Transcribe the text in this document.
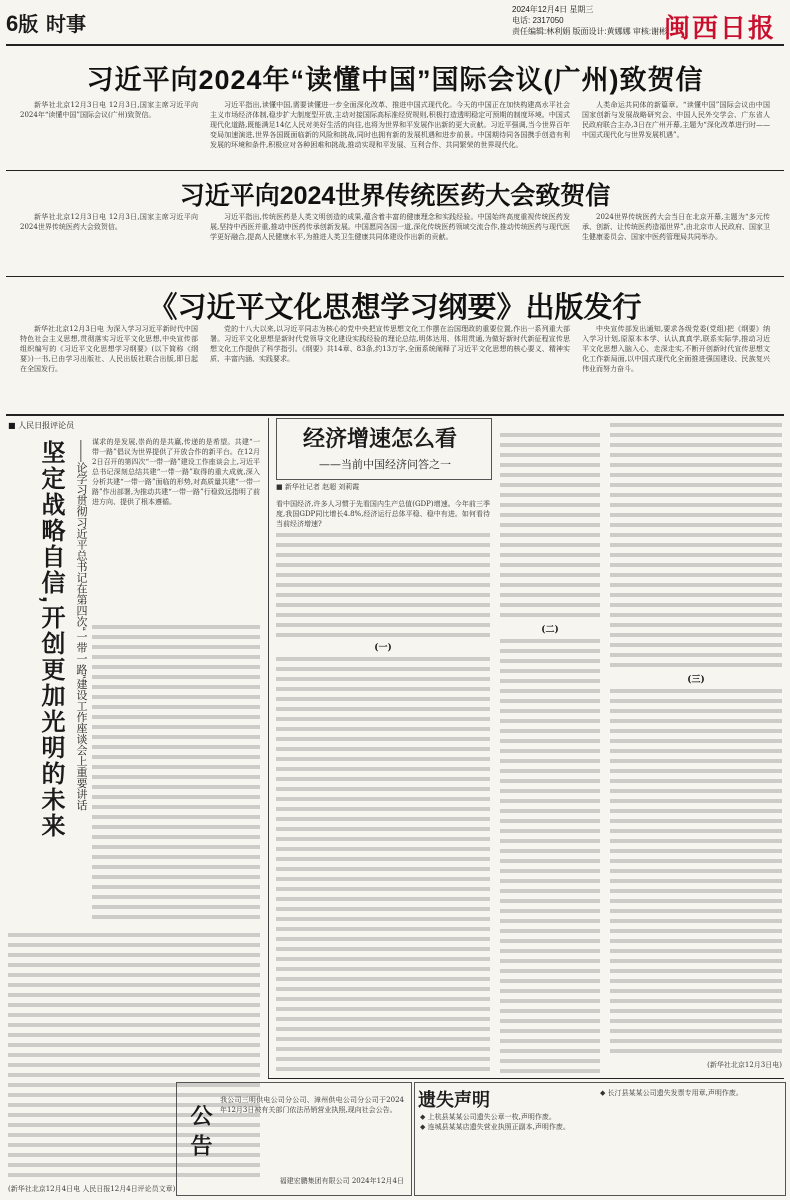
6版 时事
2024年12月4日 星期三
电话: 2317050
责任编辑:林利娟 版面设计:黄娜娜 审核:谢彬
闽西日报
习近平向2024年“读懂中国”国际会议(广州)致贺信

新华社北京12月3日电 12月3日,国家主席习近平向2024年“读懂中国”国际会议(广州)致贺信。

习近平指出,读懂中国,需要读懂进一步全面深化改革、推进中国式现代化。今天的中国正在加快构建高水平社会主义市场经济体制,稳步扩大制度型开放,主动对接国际高标准经贸规则,积极打造透明稳定可预期的制度环境。中国式现代化道路,既能满足14亿人民对美好生活的向往,也将为世界和平发展作出新的更大贡献。习近平强调,当今世界百年变局加速演进,世界各国既面临新的风险和挑战,同时也拥有新的发展机遇和进步前景。中国期待同各国携手创造有利发展的环境和条件,积极应对各种困难和挑战,推动实现和平发展、互利合作、共同繁荣的世界现代化。

人类命运共同体的新篇章。“读懂中国”国际会议由中国国家创新与发展战略研究会、中国人民外交学会、广东省人民政府联合主办,3日在广州开幕,主题为“深化改革进行时——中国式现代化与世界发展机遇”。

习近平向2024世界传统医药大会致贺信

新华社北京12月3日电 12月3日,国家主席习近平向2024世界传统医药大会致贺信。

习近平指出,传统医药是人类文明创造的成果,蕴含着丰富的健康理念和实践经验。中国始终高度重视传统医药发展,坚持中西医并重,推动中医药传承创新发展。中国愿同各国一道,深化传统医药领域交流合作,推动传统医药与现代医学更好融合,提高人民健康水平,为推进人类卫生健康共同体建设作出新的贡献。

2024世界传统医药大会当日在北京开幕,主题为“多元传承、创新、让传统医药造福世界”,由北京市人民政府、国家卫生健康委员会、国家中医药管理局共同举办。

《习近平文化思想学习纲要》出版发行

新华社北京12月3日电 为深入学习习近平新时代中国特色社会主义思想,贯彻落实习近平文化思想,中央宣传部组织编写的《习近平文化思想学习纲要》(以下简称《纲要》)一书,已由学习出版社、人民出版社联合出版,即日起在全国发行。

党的十八大以来,以习近平同志为核心的党中央把宣传思想文化工作摆在治国理政的重要位置,作出一系列重大部署。习近平文化思想是新时代党领导文化建设实践经验的理论总结,明体达用、体用贯通,为做好新时代新征程宣传思想文化工作提供了科学指引。《纲要》共14章、83条,约13万字,全面系统阐释了习近平文化思想的核心要义、精神实质、丰富内涵、实践要求。

中央宣传部发出通知,要求各级党委(党组)把《纲要》纳入学习计划,原原本本学、认认真真学,联系实际学,推动习近平文化思想入脑入心、走深走实,不断开创新时代宣传思想文化工作新局面,以中国式现代化全面推进强国建设、民族复兴伟业而努力奋斗。

■ 人民日报评论员
坚定战略自信,开创更加光明的未来	——论学习贯彻习近平总书记在第四次“一带一路”建设工作座谈会上重要讲话 谋求的是发展,崇尚的是共赢,传递的是希望。共建“一带一路”倡议为世界提供了开放合作的新平台。在12月2日召开的第四次“一带一路”建设工作座谈会上,习近平总书记深刻总结共建“一带一路”取得的重大成就,深入分析共建“一带一路”面临的形势,对高质量共建“一带一路”作出部署,为推动共建“一带一路”行稳致远指明了前进方向、提供了根本遵循。

(新华社北京12月4日电 人民日报12月4日评论员文章)
经济增速怎么看
——当前中国经济问答之一
■ 新华社记者 赵超 刘莉霞

看中国经济,许多人习惯于先看国内生产总值(GDP)增速。今年前三季度,我国GDP同比增长4.8%,经济运行总体平稳、稳中有进。如何看待当前经济增速?

(一)
(二)
(三)
(新华社北京12月3日电)
公告

我公司三明供电公司分公司、漳州供电公司分公司于2024年12月3日被有关部门依法吊销营业执照,现向社会公告。

福建宏鹏集团有限公司 2024年12月4日
遗失声明
◆ 上杭县某某公司遗失公章一枚,声明作废。
◆ 连城县某某店遗失营业执照正副本,声明作废。
◆ 长汀县某某公司遗失发票专用章,声明作废。
